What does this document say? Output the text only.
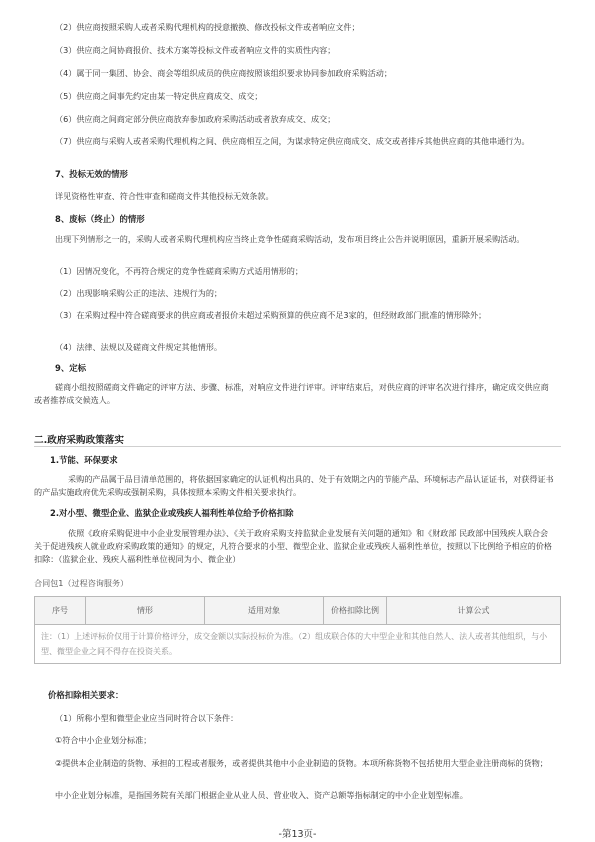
（2）供应商按照采购人或者采购代理机构的授意撤换、修改投标文件或者响应文件；
（3）供应商之间协商报价、技术方案等投标文件或者响应文件的实质性内容；
（4）属于同一集团、协会、商会等组织成员的供应商按照该组织要求协同参加政府采购活动；
（5）供应商之间事先约定由某一特定供应商成交、成交；
（6）供应商之间商定部分供应商放弃参加政府采购活动或者放弃成交、成交；
（7）供应商与采购人或者采购代理机构之间、供应商相互之间，为谋求特定供应商成交、成交或者排斥其他供应商的其他串通行为。
7、投标无效的情形
详见资格性审查、符合性审查和磋商文件其他投标无效条款。
8、废标（终止）的情形
出现下列情形之一的，采购人或者采购代理机构应当终止竞争性磋商采购活动，发布项目终止公告并说明原因，重新开展采购活动。
（1）因情况变化，不再符合规定的竞争性磋商采购方式适用情形的；
（2）出现影响采购公正的违法、违规行为的；
（3）在采购过程中符合磋商要求的供应商或者报价未超过采购预算的供应商不足3家的，但经财政部门批准的情形除外；
（4）法律、法规以及磋商文件规定其他情形。
9、定标
磋商小组按照磋商文件确定的评审方法、步骤、标准，对响应文件进行评审。评审结束后，对供应商的评审名次进行排序，确定成交供应商或者推荐成交候选人。
二.政府采购政策落实
1.节能、环保要求
采购的产品属于品目清单范围的，将依据国家确定的认证机构出具的、处于有效期之内的节能产品、环境标志产品认证证书，对获得证书的产品实施政府优先采购或强制采购，具体按照本采购文件相关要求执行。
2.对小型、微型企业、监狱企业或残疾人福利性单位给予价格扣除
依照《政府采购促进中小企业发展管理办法》、《关于政府采购支持监狱企业发展有关问题的通知》和《财政部 民政部中国残疾人联合会关于促进残疾人就业政府采购政策的通知》的规定，凡符合要求的小型、微型企业、监狱企业或残疾人福利性单位，按照以下比例给予相应的价格扣除：（监狱企业、残疾人福利性单位视同为小、微企业）
合同包1（过程咨询服务）
序号	情形	适用对象	价格扣除比例	计算公式
注：（1）上述评标价仅用于计算价格评分，成交金额以实际投标价为准。（2）组成联合体的大中型企业和其他自然人、法人或者其他组织，与小型、微型企业之间不得存在投资关系。
价格扣除相关要求：
（1）所称小型和微型企业应当同时符合以下条件：
①符合中小企业划分标准；
②提供本企业制造的货物、承担的工程或者服务，或者提供其他中小企业制造的货物。本项所称货物不包括使用大型企业注册商标的货物；
中小企业划分标准，是指国务院有关部门根据企业从业人员、营业收入、资产总额等指标制定的中小企业划型标准。
-第13页-
